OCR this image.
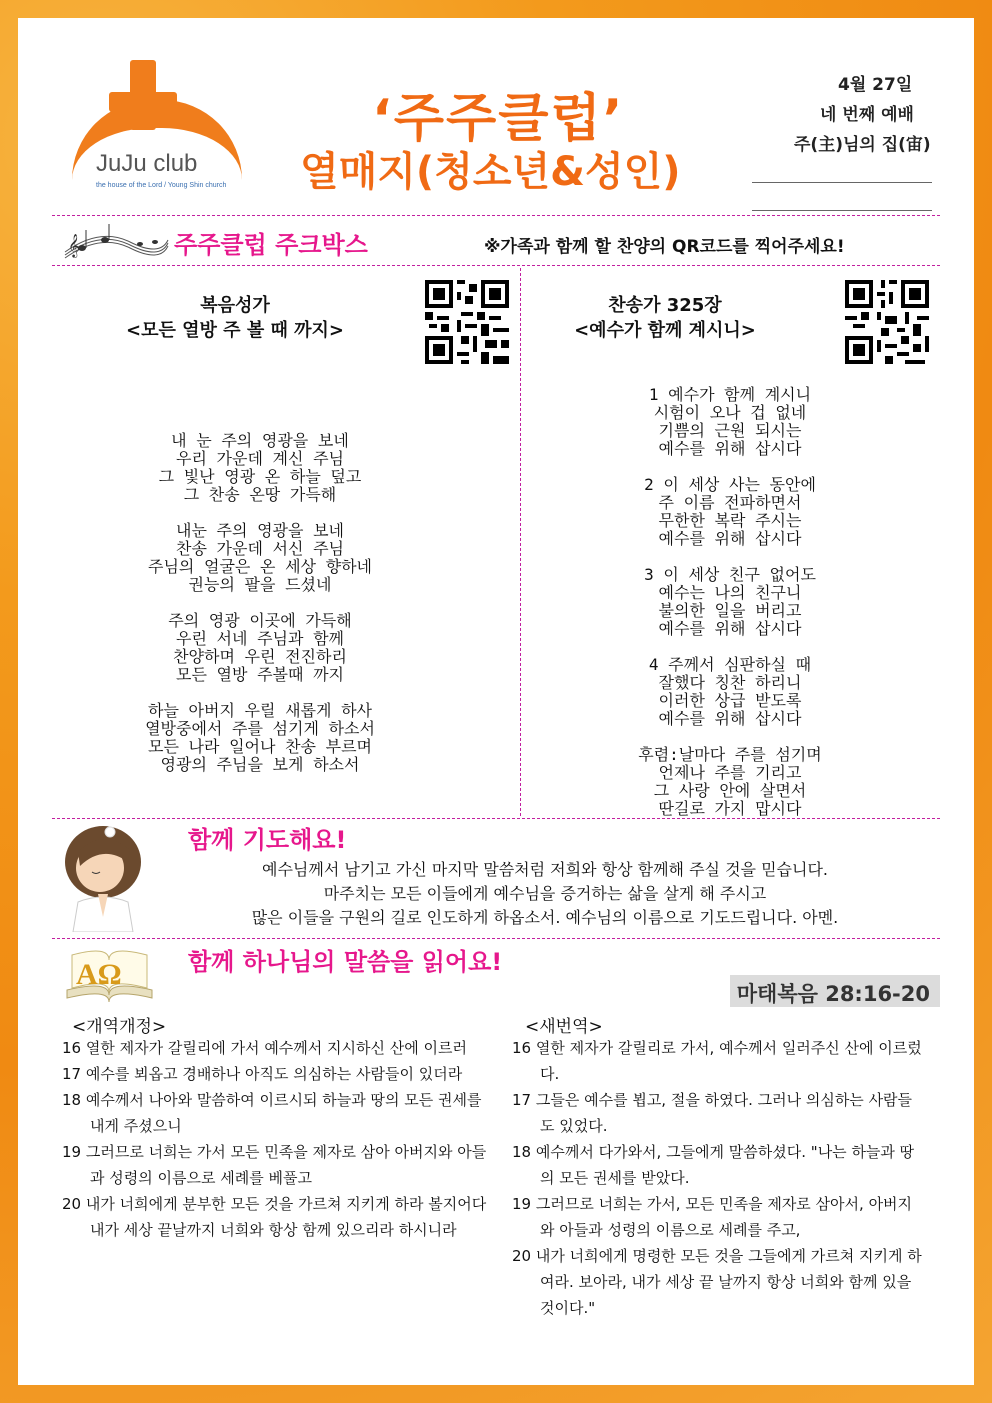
JuJu club
the house of the Lord / Young Shin church
‘주주클럽’
열매지(청소년&성인)
4월 27일
네 번째 예배
주(主)님의 집(宙)
𝄞	주주클럽 주크박스	※가족과 함께 할 찬양의 QR코드를 찍어주세요!
복음성가
<모든 열방 주 볼 때 까지>
내 눈 주의 영광을 보네
우리 가운데 계신 주님
그 빛난 영광 온 하늘 덮고
그 찬송 온땅 가득해
내눈 주의 영광을 보네
찬송 가운데 서신 주님
주님의 얼굴은 온 세상 향하네
권능의 팔을 드셨네
주의 영광 이곳에 가득해
우린 서네 주님과 함께
찬양하며 우린 전진하리
모든 열방 주볼때 까지
하늘 아버지 우릴 새롭게 하사
열방중에서 주를 섬기게 하소서
모든 나라 일어나 찬송 부르며
영광의 주님을 보게 하소서
찬송가 325장
<예수가 함께 계시니>
1 예수가 함께 계시니
시험이 오나 겁 없네
기쁨의 근원 되시는
예수를 위해 삽시다
2 이 세상 사는 동안에
주 이름 전파하면서
무한한 복락 주시는
예수를 위해 삽시다
3 이 세상 친구 없어도
예수는 나의 친구니
불의한 일을 버리고
예수를 위해 삽시다
4 주께서 심판하실 때
잘했다 칭찬 하리니
이러한 상급 받도록
예수를 위해 삽시다
후렴:날마다 주를 섬기며
언제나 주를 기리고
그 사랑 안에 살면서
딴길로 가지 맙시다
함께 기도해요!
예수님께서 남기고 가신 마지막 말씀처럼 저희와 항상 함께해 주실 것을 믿습니다.
마주치는 모든 이들에게 예수님을 증거하는 삶을 살게 해 주시고
많은 이들을 구원의 길로 인도하게 하옵소서. 예수님의 이름으로 기도드립니다. 아멘.
AΩ	함께 하나님의 말씀을 읽어요!
마태복음 28:16-20
<개역개정>	<새번역>
16 열한 제자가 갈릴리에 가서 예수께서 지시하신 산에 이르러
17 예수를 뵈옵고 경배하나 아직도 의심하는 사람들이 있더라
18 예수께서 나아와 말씀하여 이르시되 하늘과 땅의 모든 권세를 내게 주셨으니
19 그러므로 너희는 가서 모든 민족을 제자로 삼아 아버지와 아들과 성령의 이름으로 세례를 베풀고
20 내가 너희에게 분부한 모든 것을 가르쳐 지키게 하라 볼지어다 내가 세상 끝날까지 너희와 항상 함께 있으리라 하시니라
16 열한 제자가 갈릴리로 가서, 예수께서 일러주신 산에 이르렀다.
17 그들은 예수를 뵙고, 절을 하였다. 그러나 의심하는 사람들도 있었다.
18 예수께서 다가와서, 그들에게 말씀하셨다. "나는 하늘과 땅의 모든 권세를 받았다.
19 그러므로 너희는 가서, 모든 민족을 제자로 삼아서, 아버지와 아들과 성령의 이름으로 세례를 주고,
20 내가 너희에게 명령한 모든 것을 그들에게 가르쳐 지키게 하여라. 보아라, 내가 세상 끝 날까지 항상 너희와 함께 있을 것이다."
